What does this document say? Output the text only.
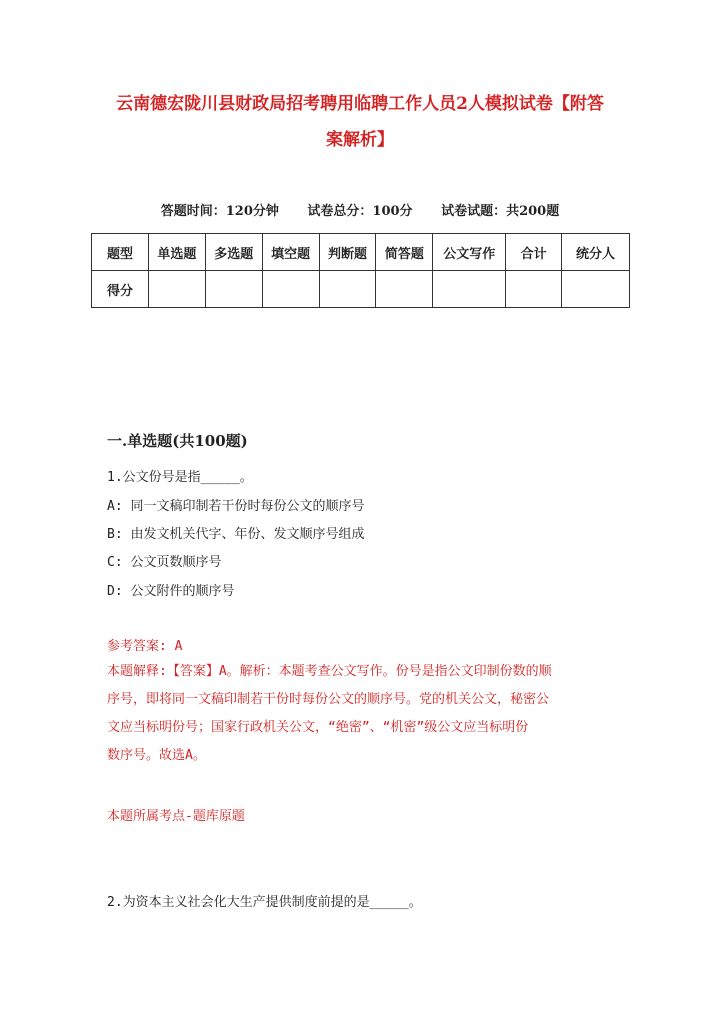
云南德宏陇川县财政局招考聘用临聘工作人员2人模拟试卷【附答
案解析】
答题时间：120分钟 试卷总分：100分 试卷试题：共200题
题型	单选题	多选题	填空题	判断题	简答题	公文写作	合计	统分人
得分								
一.单选题(共100题)
1.公文份号是指_____。
A: 同一文稿印制若干份时每份公文的顺序号
B: 由发文机关代字、年份、发文顺序号组成
C: 公文页数顺序号
D: 公文附件的顺序号
参考答案: A
本题解释:【答案】A。解析：本题考查公文写作。份号是指公文印制份数的顺
序号，即将同一文稿印制若干份时每份公文的顺序号。党的机关公文，秘密公
文应当标明份号；国家行政机关公文，“绝密”、“机密”级公文应当标明份
数序号。故选A。
本题所属考点-题库原题
2.为资本主义社会化大生产提供制度前提的是_____。
